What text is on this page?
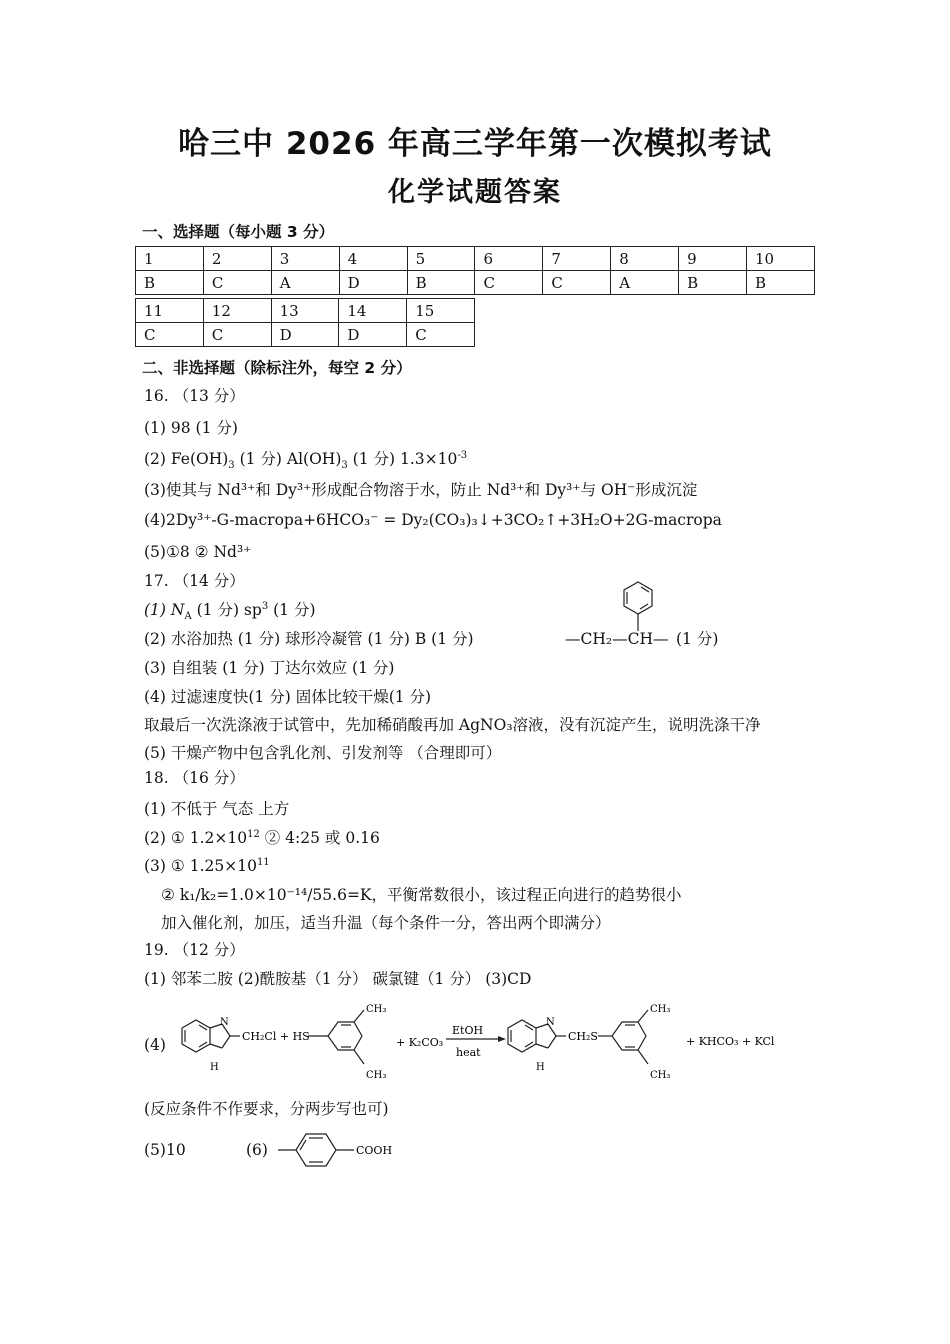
哈三中 2026 年高三学年第一次模拟考试
化学试题答案
一、选择题（每小题 3 分）
1	2	3	4	5	6	7	8	9	10
B	C	A	D	B	C	C	A	B	B
11	12	13	14	15
C	C	D	D	C
二、非选择题（除标注外，每空 2 分）
16. （13 分）
(1) 98 (1 分)
(2) $Fe(OH)_3$ (1 分) $Al(OH)_3$ (1 分) $1.3\times 10^{-3}$
(3)使其与 Nd³⁺和 Dy³⁺形成配合物溶于水，防止 Nd³⁺和 Dy³⁺与 OH⁻形成沉淀
(4)2Dy³⁺-G-macropa+6HCO₃⁻ = Dy₂(CO₃)₃↓+3CO₂↑+3H₂O+2G-macropa
(5)①8 ② Nd³⁺
17. （14 分）
(1) $N_A$ (1 分) $sp^3$ (1 分)
(2) 水浴加热 (1 分) 球形冷凝管 (1 分) B (1 分)	—CH₂—CH— (1 分)
(3) 自组装 (1 分) 丁达尔效应 (1 分)
(4) 过滤速度快(1 分) 固体比较干燥(1 分)
取最后一次洗涤液于试管中，先加稀硝酸再加 AgNO₃溶液，没有沉淀产生，说明洗涤干净
(5) 干燥产物中包含乳化剂、引发剂等 （合理即可）
18. （16 分）
(1) 不低于 气态 上方
(2) ① $1.2\times 10^{12}$ ② 4:25 或 0.16
(3) ① $1.25\times 10^{11}$
② k₁/k₂=1.0×10⁻¹⁴/55.6=K，平衡常数很小，该过程正向进行的趋势很小
加入催化剂，加压，适当升温（每个条件一分，答出两个即满分）
19. （12 分）
(1) 邻苯二胺 (2)酰胺基（1 分） 碳氯键（1 分） (3)CD
(4)
N
H
CH₂Cl + HS
CH₃
CH₃
+ K₂CO₃
EtOH
heat
N
H
CH₂S
CH₃
CH₃
+ KHCO₃ + KCl
(反应条件不作要求，分两步写也可)
(5)10	(6)	COOH
